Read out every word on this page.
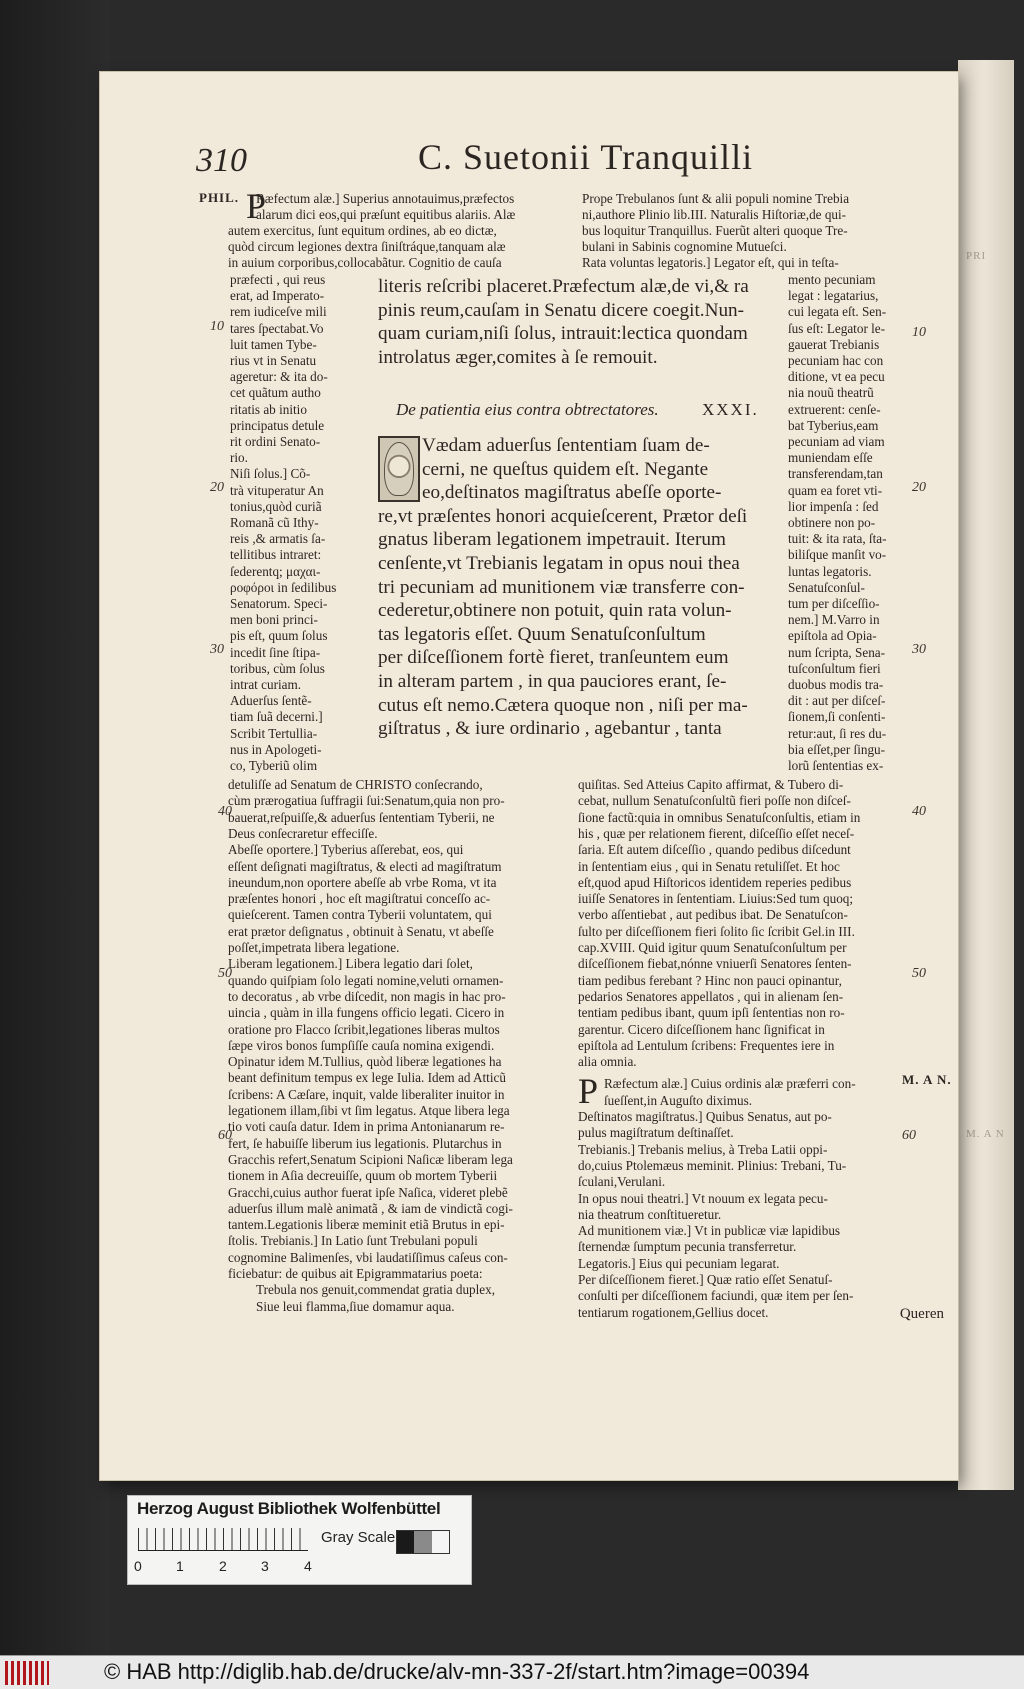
PRI
M. A N
310	C. Suetonii Tranquilli
PHIL.
M. A N.
P
P
Ræfectum alæ.] Superius annotauimus,præfectos
alarum dici eos,qui præſunt equitibus alariis. Alæ
autem exercitus, ſunt equitum ordines, ab eo dictæ,
quòd circum legiones dextra ſiniſtráque,tanquam alæ
in auium corporibus,collocabãtur. Cognitio de cauſa
Prope Trebulanos ſunt & alii populi nomine Trebia
ni,authore Plinio lib.III. Naturalis Hiſtoriæ,de qui-
bus loquitur Tranquillus. Fuerũt alteri quoque Tre-
bulani in Sabinis cognomine Mutueſci.
Rata voluntas legatoris.] Legator eſt, qui in teſta-
præfecti , qui reus
erat, ad Imperato-
rem iudiceſve mili
tares ſpectabat.Vo
luit tamen Tybe-
rius vt in Senatu
ageretur: & ita do-
cet quãtum autho
ritatis ab initio
principatus detule
rit ordini Senato-
rio.
Niſi ſolus.] Cõ-
trà vituperatur An
tonius,quòd curiã
Romanã cũ Ithy-
reis ,& armatis ſa-
tellitibus intraret:
ſederentq; μαχαι-
ροφόροι in ſedilibus
Senatorum. Speci-
men boni princi-
pis eſt, quum ſolus
incedit ſine ſtipa-
toribus, cùm ſolus
intrat curiam.
Aduerſus ſentẽ-
tiam ſuã decerni.]
Scribit Tertullia-
nus in Apologeti-
co, Tyberiũ olim
literis reſcribi placeret.Præfectum alæ,de vi,& ra
pinis reum,cauſam in Senatu dicere coegit.Nun-
quam curiam,niſi ſolus, intrauit:lectica quondam
introlatus æger,comites à ſe remouit.
De patientia eius contra obtrectatores.	XXXI.
Vædam aduerſus ſententiam ſuam de-
cerni, ne queſtus quidem eſt. Negante
eo,deſtinatos magiſtratus abeſſe oporte-
re,vt præſentes honori acquieſcerent, Prætor deſi
gnatus liberam legationem impetrauit. Iterum
cenſente,vt Trebianis legatam in opus noui thea
tri pecuniam ad munitionem viæ transferre con-
cederetur,obtinere non potuit, quin rata volun-
tas legatoris eſſet. Quum Senatuſconſultum
per diſceſſionem fortè fieret, tranſeuntem eum
in alteram partem , in qua pauciores erant, ſe-
cutus eſt nemo.Cætera quoque non , niſi per ma-
giſtratus , & iure ordinario , agebantur , tanta
mento pecuniam
legat : legatarius,
cui legata eſt. Sen-
ſus eſt: Legator le-
gauerat Trebianis
pecuniam hac con
ditione, vt ea pecu
nia nouũ theatrũ
extruerent: cenſe-
bat Tyberius,eam
pecuniam ad viam
muniendam eſſe
transferendam,tan
quam ea foret vti-
lior impenſa : ſed
obtinere non po-
tuit: & ita rata, ſta-
biliſque manſit vo-
luntas legatoris.
Senatuſconſul-
tum per diſceſſio-
nem.] M.Varro in
epiſtola ad Opia-
num ſcripta, Sena-
tuſconſultum fieri
duobus modis tra-
dit : aut per diſceſ-
ſionem,ſi conſenti-
retur:aut, ſi res du-
bia eſſet,per ſingu-
lorũ ſententias ex-
detuliſſe ad Senatum de CHRISTO conſecrando,
cùm prærogatiua ſuffragii ſui:Senatum,quia non pro-
bauerat,reſpuiſſe,& aduerſus ſententiam Tyberii, ne
Deus conſecraretur effeciſſe.
Abeſſe oportere.] Tyberius aſſerebat, eos, qui
eſſent deſignati magiſtratus, & electi ad magiſtratum
ineundum,non oportere abeſſe ab vrbe Roma, vt ita
præſentes honori , hoc eſt magiſtratui conceſſo ac-
quieſcerent. Tamen contra Tyberii voluntatem, qui
erat prætor deſignatus , obtinuit à Senatu, vt abeſſe
poſſet,impetrata libera legatione.
Liberam legationem.] Libera legatio dari ſolet,
quando quiſpiam ſolo legati nomine,veluti ornamen-
to decoratus , ab vrbe diſcedit, non magis in hac pro-
uincia , quàm in illa fungens officio legati. Cicero in
oratione pro Flacco ſcribit,legationes liberas multos
ſæpe viros bonos ſumpſiſſe cauſa nomina exigendi.
Opinatur idem M.Tullius, quòd liberæ legationes ha
beant definitum tempus ex lege Iulia. Idem ad Atticũ
ſcribens: A Cæſare, inquit, valde liberaliter inuitor in
legationem illam,ſibi vt ſim legatus. Atque libera lega
tio voti cauſa datur. Idem in prima Antonianarum re-
fert, ſe habuiſſe liberum ius legationis. Plutarchus in
Gracchis refert,Senatum Scipioni Naſicæ liberam lega
tionem in Aſia decreuiſſe, quum ob mortem Tyberii
Gracchi,cuius author fuerat ipſe Naſica, videret plebẽ
aduerſus illum malè animatã , & iam de vindictã cogi-
tantem.Legationis liberæ meminit etiã Brutus in epi-
ſtolis. Trebianis.] In Latio ſunt Trebulani populi
cognomine Balimenſes, vbi laudatiſſimus caſeus con-
ficiebatur: de quibus ait Epigrammatarius poeta:
Trebula nos genuit,commendat gratia duplex,
Siue leui flamma,ſiue domamur aqua.
quiſitas. Sed Atteius Capito affirmat, & Tubero di-
cebat, nullum Senatuſconſultũ fieri poſſe non diſceſ-
ſione factũ:quia in omnibus Senatuſconſultis, etiam in
his , quæ per relationem fierent, diſceſſio eſſet neceſ-
ſaria. Eſt autem diſceſſio , quando pedibus diſcedunt
in ſententiam eius , qui in Senatu retuliſſet. Et hoc
eſt,quod apud Hiſtoricos identidem reperies pedibus
iuiſſe Senatores in ſententiam. Liuius:Sed tum quoq;
verbo aſſentiebat , aut pedibus ibat. De Senatuſcon-
ſulto per diſceſſionem fieri ſolito ſic ſcribit Gel.in III.
cap.XVIII. Quid igitur quum Senatuſconſultum per
diſceſſionem fiebat,nónne vniuerſi Senatores ſenten-
tiam pedibus ferebant ? Hinc non pauci opinantur,
pedarios Senatores appellatos , qui in alienam ſen-
tentiam pedibus ibant, quum ipſi ſententias non ro-
garentur. Cicero diſceſſionem hanc ſignificat in
epiſtola ad Lentulum ſcribens: Frequentes iere in
alia omnia.
Ræfectum alæ.] Cuius ordinis alæ præferri con-
ſueſſent,in Auguſto diximus.
Deſtinatos magiſtratus.] Quibus Senatus, aut po-
pulus magiſtratum deſtinaſſet.
Trebianis.] Trebanis melius, à Treba Latii oppi-
do,cuius Ptolemæus meminit. Plinius: Trebani, Tu-
ſculani,Verulani.
In opus noui theatri.] Vt nouum ex legata pecu-
nia theatrum conſtitueretur.
Ad munitionem viæ.] Vt in publicæ viæ lapidibus
ſternendæ ſumptum pecunia transferretur.
Legatoris.] Eius qui pecuniam legarat.
Per diſceſſionem fieret.] Quæ ratio eſſet Senatuſ-
conſulti per diſceſſionem faciundi, quæ item per ſen-
tentiarum rogationem,Gellius docet.
10	10
20	20
30	30
40	40
50	50
60	60
Queren
Herzog August Bibliothek Wolfenbüttel
Gray Scale
0 1	2 3	4
© HAB http://diglib.hab.de/drucke/alv-mn-337-2f/start.htm?image=00394
